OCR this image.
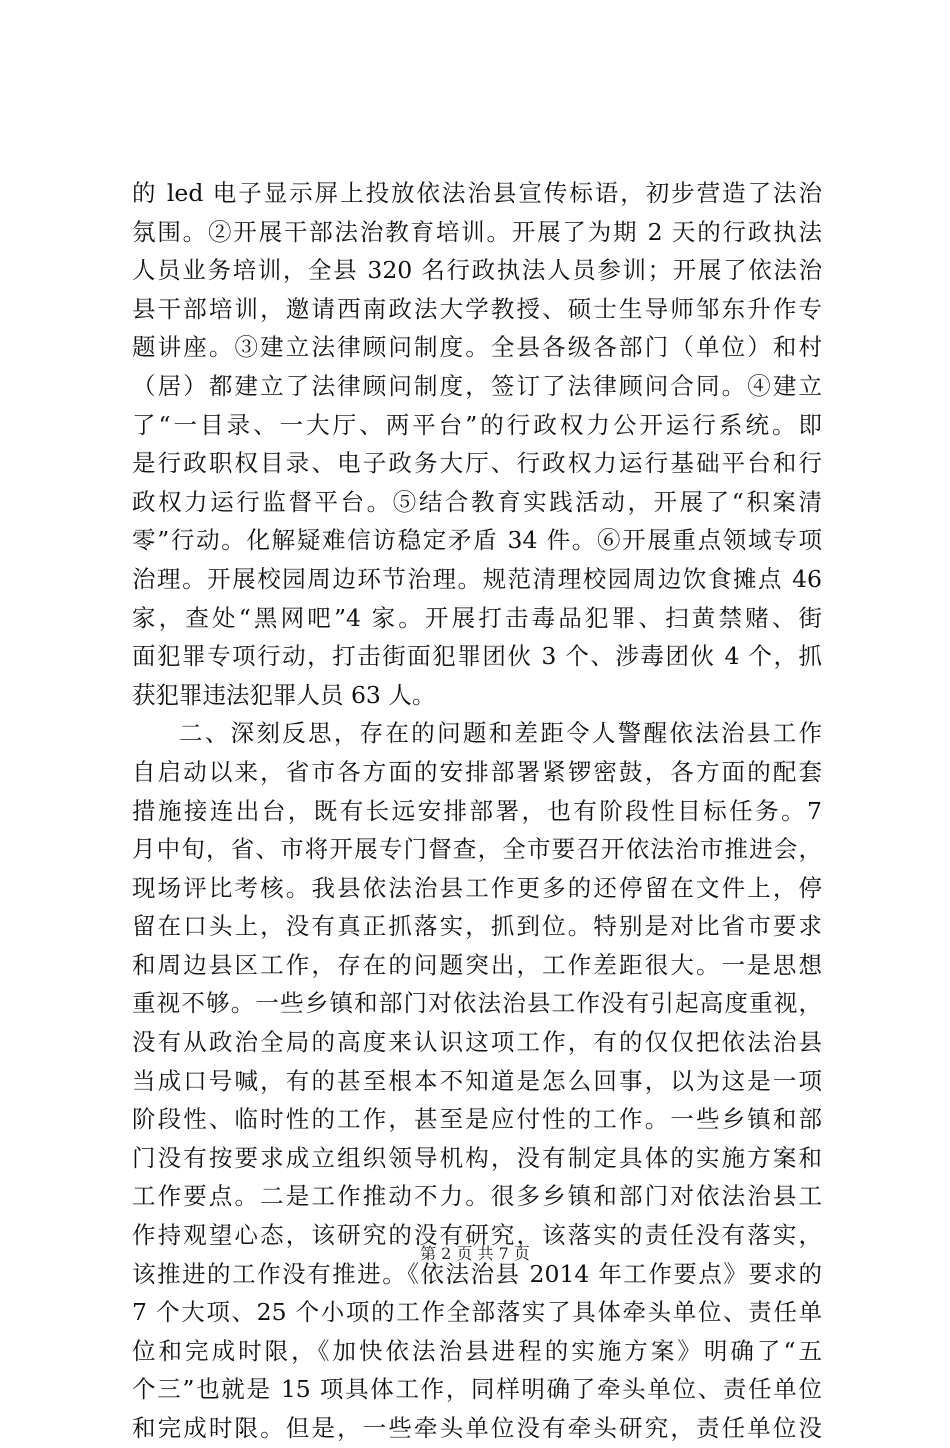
的 led 电子显示屏上投放依法治县宣传标语，初步营造了法治
氛围。②开展干部法治教育培训。开展了为期 2 天的行政执法
人员业务培训，全县 320 名行政执法人员参训；开展了依法治
县干部培训，邀请西南政法大学教授、硕士生导师邹东升作专
题讲座。③建立法律顾问制度。全县各级各部门（单位）和村
（居）都建立了法律顾问制度，签订了法律顾问合同。④建立
了“一目录、一大厅、两平台”的行政权力公开运行系统。即
是行政职权目录、电子政务大厅、行政权力运行基础平台和行
政权力运行监督平台。⑤结合教育实践活动，开展了“积案清
零”行动。化解疑难信访稳定矛盾 34 件。⑥开展重点领域专项
治理。开展校园周边环节治理。规范清理校园周边饮食摊点 46
家，查处“黑网吧”4 家。开展打击毒品犯罪、扫黄禁赌、街
面犯罪专项行动，打击街面犯罪团伙 3 个、涉毒团伙 4 个，抓
获犯罪违法犯罪人员 63 人。
二、深刻反思，存在的问题和差距令人警醒依法治县工作
自启动以来，省市各方面的安排部署紧锣密鼓，各方面的配套
措施接连出台，既有长远安排部署，也有阶段性目标任务。7
月中旬，省、市将开展专门督查，全市要召开依法治市推进会，
现场评比考核。我县依法治县工作更多的还停留在文件上，停
留在口头上，没有真正抓落实，抓到位。特别是对比省市要求
和周边县区工作，存在的问题突出，工作差距很大。一是思想
重视不够。一些乡镇和部门对依法治县工作没有引起高度重视，
没有从政治全局的高度来认识这项工作，有的仅仅把依法治县
当成口号喊，有的甚至根本不知道是怎么回事，以为这是一项
阶段性、临时性的工作，甚至是应付性的工作。一些乡镇和部
门没有按要求成立组织领导机构，没有制定具体的实施方案和
工作要点。二是工作推动不力。很多乡镇和部门对依法治县工
作持观望心态，该研究的没有研究，该落实的责任没有落实，
该推进的工作没有推进。《依法治县 2014 年工作要点》要求的
7 个大项、25 个小项的工作全部落实了具体牵头单位、责任单
位和完成时限，《加快依法治县进程的实施方案》明确了“五
个三”也就是 15 项具体工作，同样明确了牵头单位、责任单位
和完成时限。但是，一些牵头单位没有牵头研究，责任单位没
第 2 页 共 7 页
